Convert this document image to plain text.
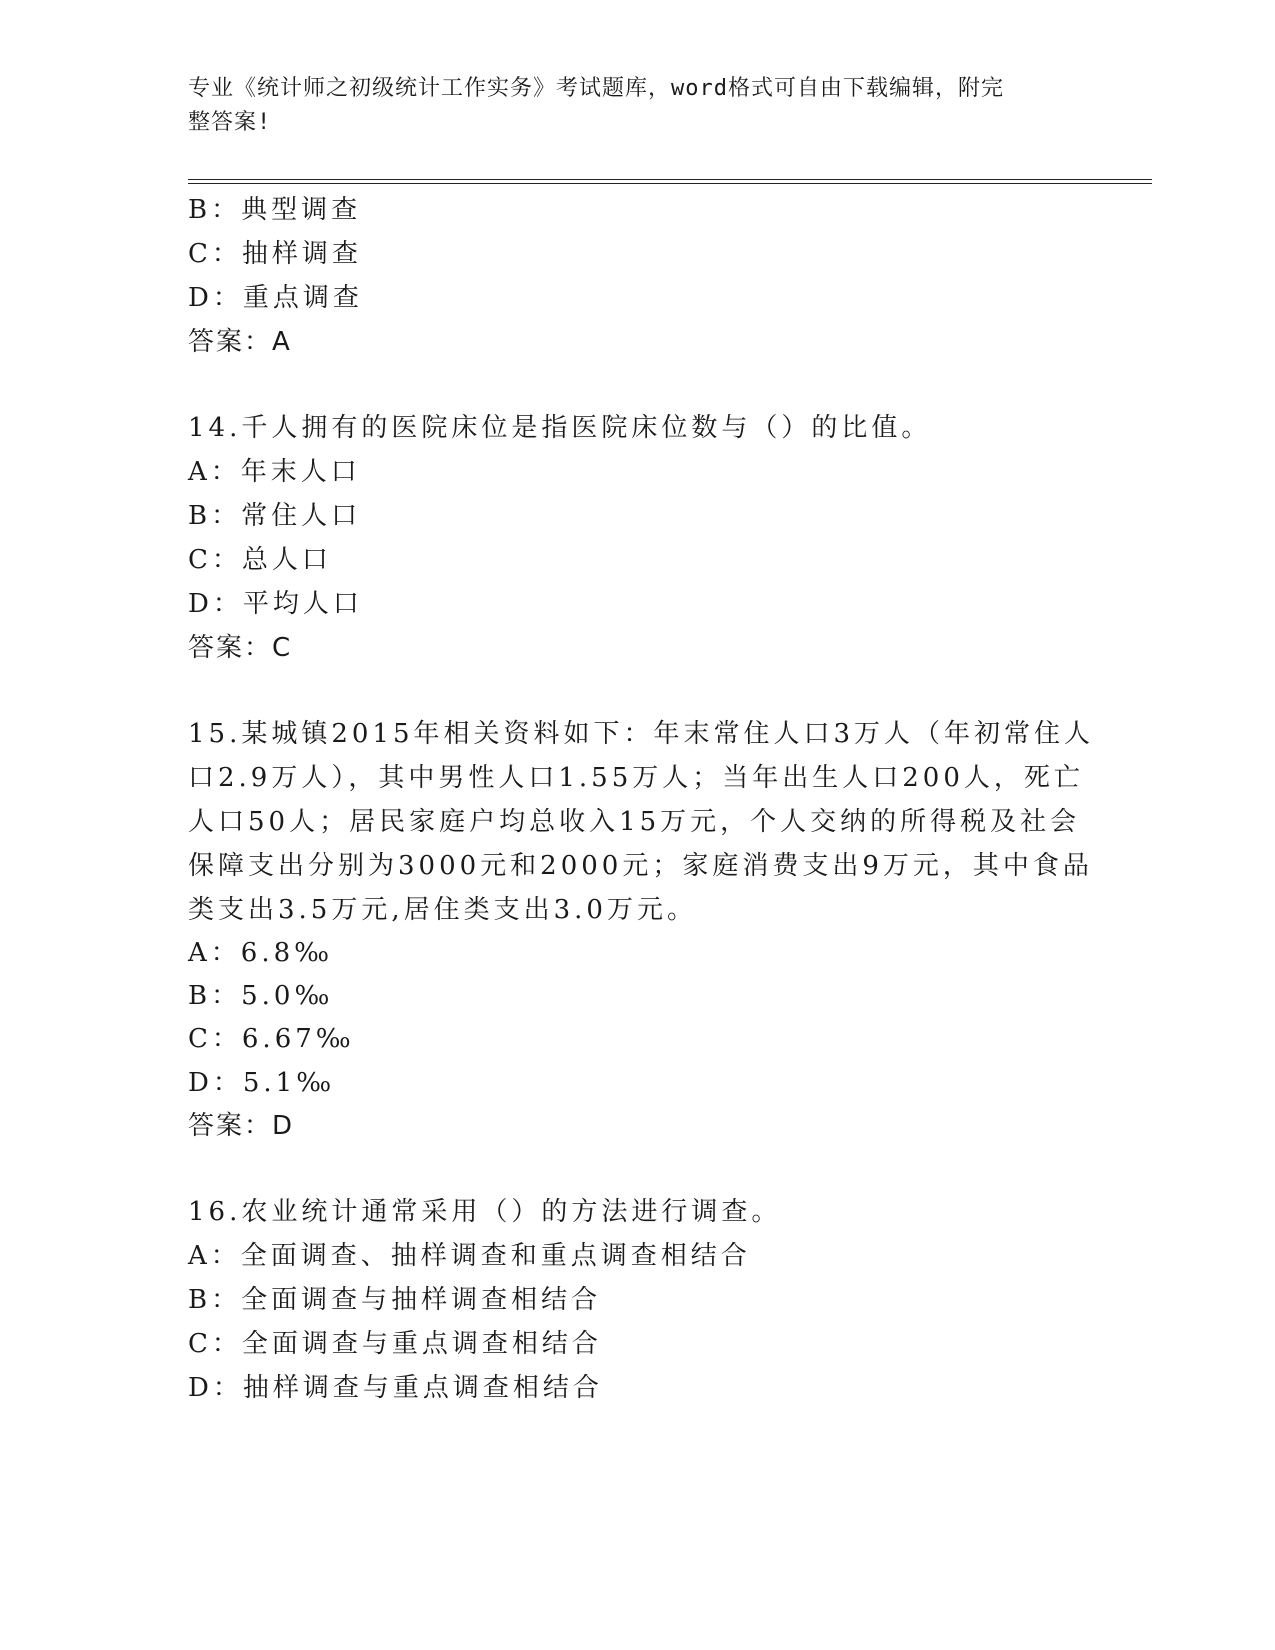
专业《统计师之初级统计工作实务》考试题库，word格式可自由下载编辑，附完
整答案!
B：典型调查
C：抽样调查
D：重点调查
答案：A
14.千人拥有的医院床位是指医院床位数与（）的比值。
A：年末人口
B：常住人口
C：总人口
D：平均人口
答案：C
15.某城镇2015年相关资料如下：年末常住人口3万人（年初常住人
口2.9万人），其中男性人口1.55万人；当年出生人口200人，死亡
人口50人；居民家庭户均总收入15万元，个人交纳的所得税及社会
保障支出分别为3000元和2000元；家庭消费支出9万元，其中食品
类支出3.5万元,居住类支出3.0万元。
A：6.8‰
B：5.0‰
C：6.67‰
D：5.1‰
答案：D
16.农业统计通常采用（）的方法进行调查。
A：全面调查、抽样调查和重点调查相结合
B：全面调查与抽样调查相结合
C：全面调查与重点调查相结合
D：抽样调查与重点调查相结合
